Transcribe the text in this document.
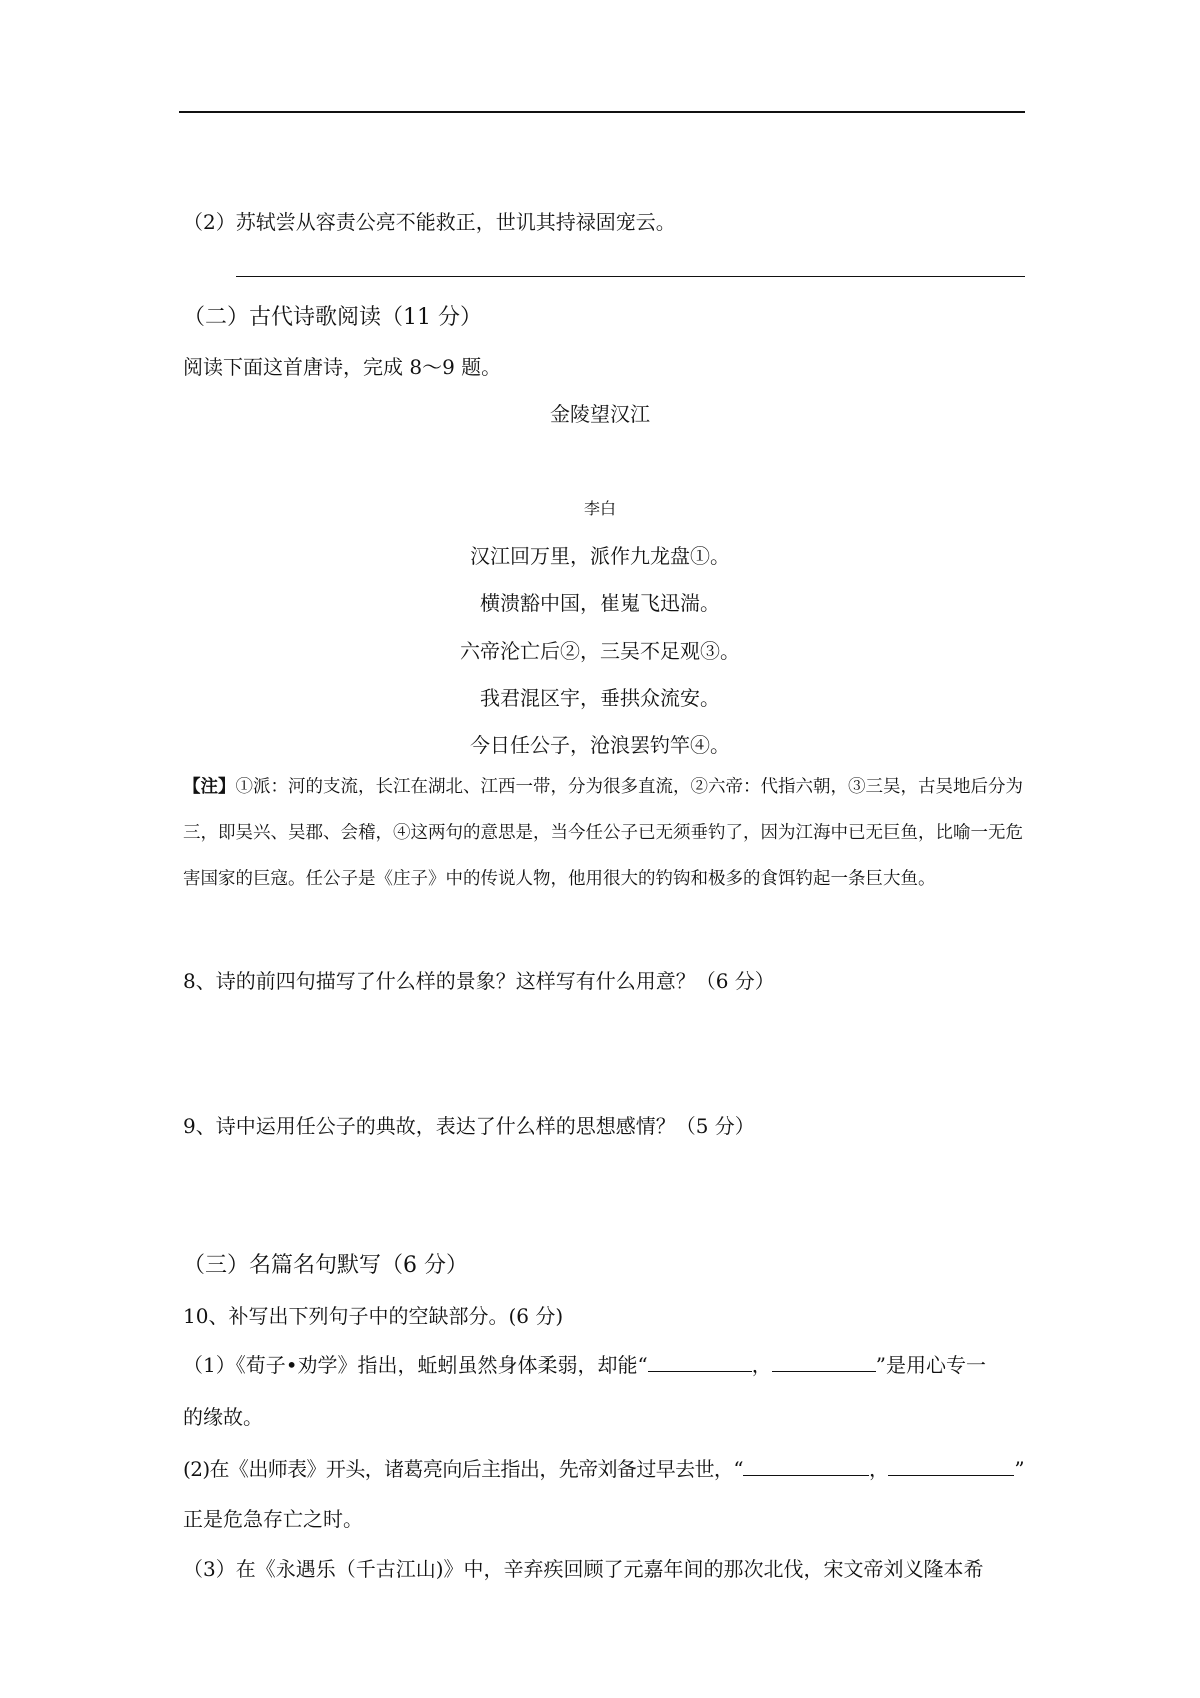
（2）苏轼尝从容责公亮不能救正，世讥其持禄固宠云。
（二）古代诗歌阅读（11 分）
阅读下面这首唐诗，完成 8～9 题。
金陵望汉江
李白
汉江回万里，派作九龙盘①。
横溃豁中国，崔嵬飞迅湍。
六帝沦亡后②，三吴不足观③。
我君混区宇，垂拱众流安。
今日任公子，沧浪罢钓竿④。
【注】①派：河的支流，长江在湖北、江西一带，分为很多直流，②六帝：代指六朝，③三吴，古吴地后分为三，即吴兴、吴郡、会稽，④这两句的意思是，当今任公子已无须垂钓了，因为江海中已无巨鱼，比喻一无危害国家的巨寇。任公子是《庄子》中的传说人物，他用很大的钓钩和极多的食饵钓起一条巨大鱼。
8、诗的前四句描写了什么样的景象？这样写有什么用意？（6 分）
9、诗中运用任公子的典故，表达了什么样的思想感情？（5 分）
（三）名篇名句默写（6 分）
10、补写出下列句子中的空缺部分。(6 分)
（1）《荀子•劝学》指出，蚯蚓虽然身体柔弱，却能“	，	”是用心专一
的缘故。
(2)在《出师表》开头，诸葛亮向后主指出，先帝刘备过早去世，“	，	”
正是危急存亡之时。
（3）在《永遇乐（千古江山)》中，辛弃疾回顾了元嘉年间的那次北伐，宋文帝刘义隆本希
